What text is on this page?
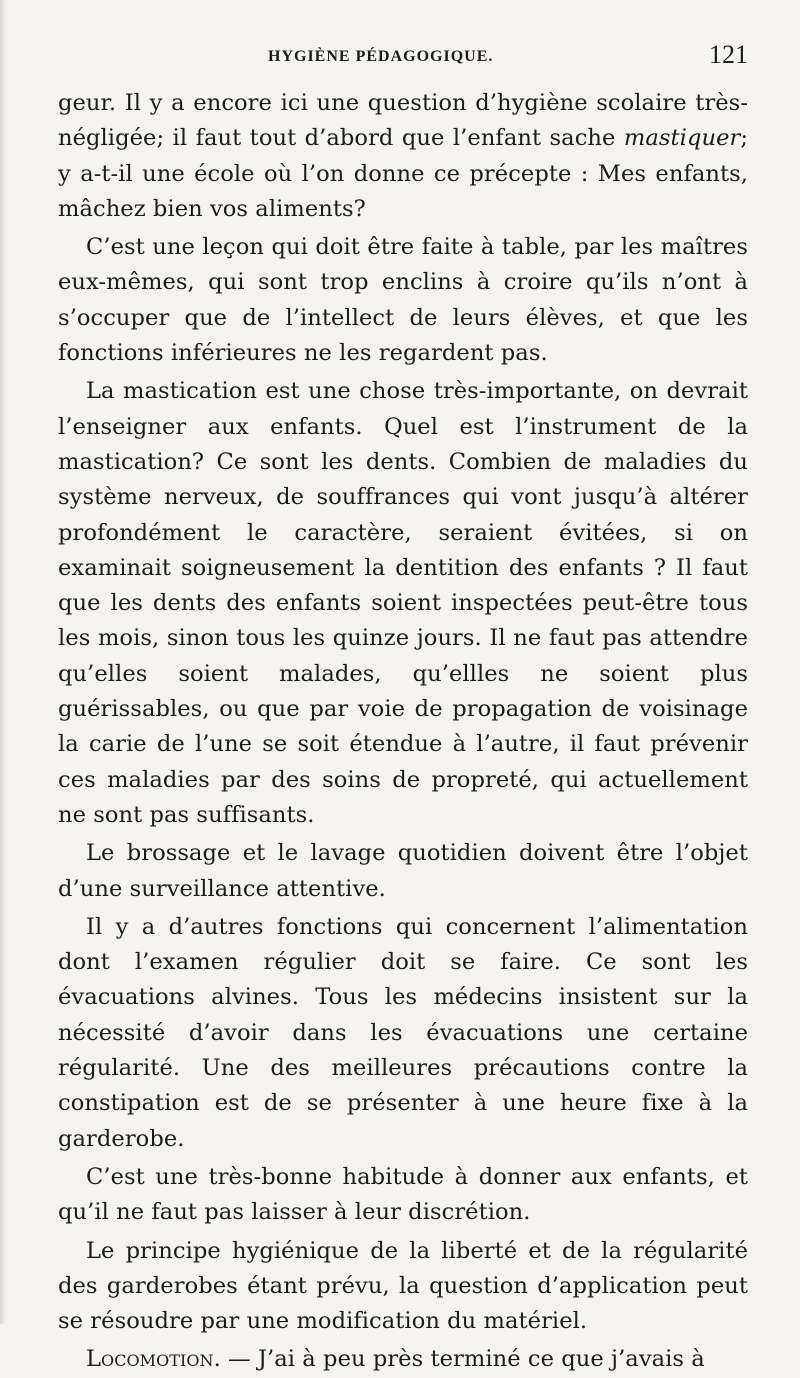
HYGIÈNE PÉDAGOGIQUE.	121

geur. Il y a encore ici une question d’hygiène scolaire très-négligée; il faut tout d’abord que l’enfant sache mastiquer; y a-t-il une école où l’on donne ce précepte : Mes enfants, mâchez bien vos aliments?

C’est une leçon qui doit être faite à table, par les maîtres eux-mêmes, qui sont trop enclins à croire qu’ils n’ont à s’occuper que de l’intellect de leurs élèves, et que les fonctions inférieures ne les regardent pas.

La mastication est une chose très-importante, on devrait l’enseigner aux enfants. Quel est l’instrument de la mastication? Ce sont les dents. Combien de maladies du système nerveux, de souffrances qui vont jusqu’à altérer profondément le caractère, seraient évitées, si on examinait soigneusement la dentition des enfants ? Il faut que les dents des enfants soient inspectées peut-être tous les mois, sinon tous les quinze jours. Il ne faut pas attendre qu’elles soient malades, qu’ellles ne soient plus guérissables, ou que par voie de propagation de voisinage la carie de l’une se soit étendue à l’autre, il faut prévenir ces maladies par des soins de propreté, qui actuellement ne sont pas suffisants.

Le brossage et le lavage quotidien doivent être l’objet d’une surveillance attentive.

Il y a d’autres fonctions qui concernent l’alimentation dont l’examen régulier doit se faire. Ce sont les évacuations alvines. Tous les médecins insistent sur la nécessité d’avoir dans les évacuations une certaine régularité. Une des meilleures précautions contre la constipation est de se présenter à une heure fixe à la garderobe.

C’est une très-bonne habitude à donner aux enfants, et qu’il ne faut pas laisser à leur discrétion.

Le principe hygiénique de la liberté et de la régularité des garderobes étant prévu, la question d’application peut se résoudre par une modification du matériel.

Locomotion. — J’ai à peu près terminé ce que j’avais à
